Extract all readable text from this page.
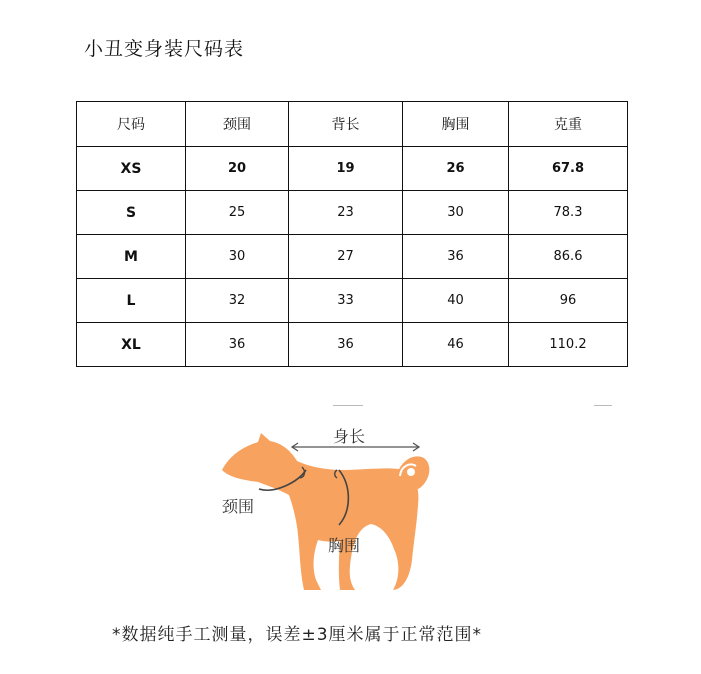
小丑变身装尺码表
尺码	颈围	背长	胸围	克重
XS	20	19	26	67.8
S	25	23	30	78.3
M	30	27	36	86.6
L	32	33	40	96
XL	36	36	46	110.2
身长
颈围
胸围
*数据纯手工测量，误差±3厘米属于正常范围*
